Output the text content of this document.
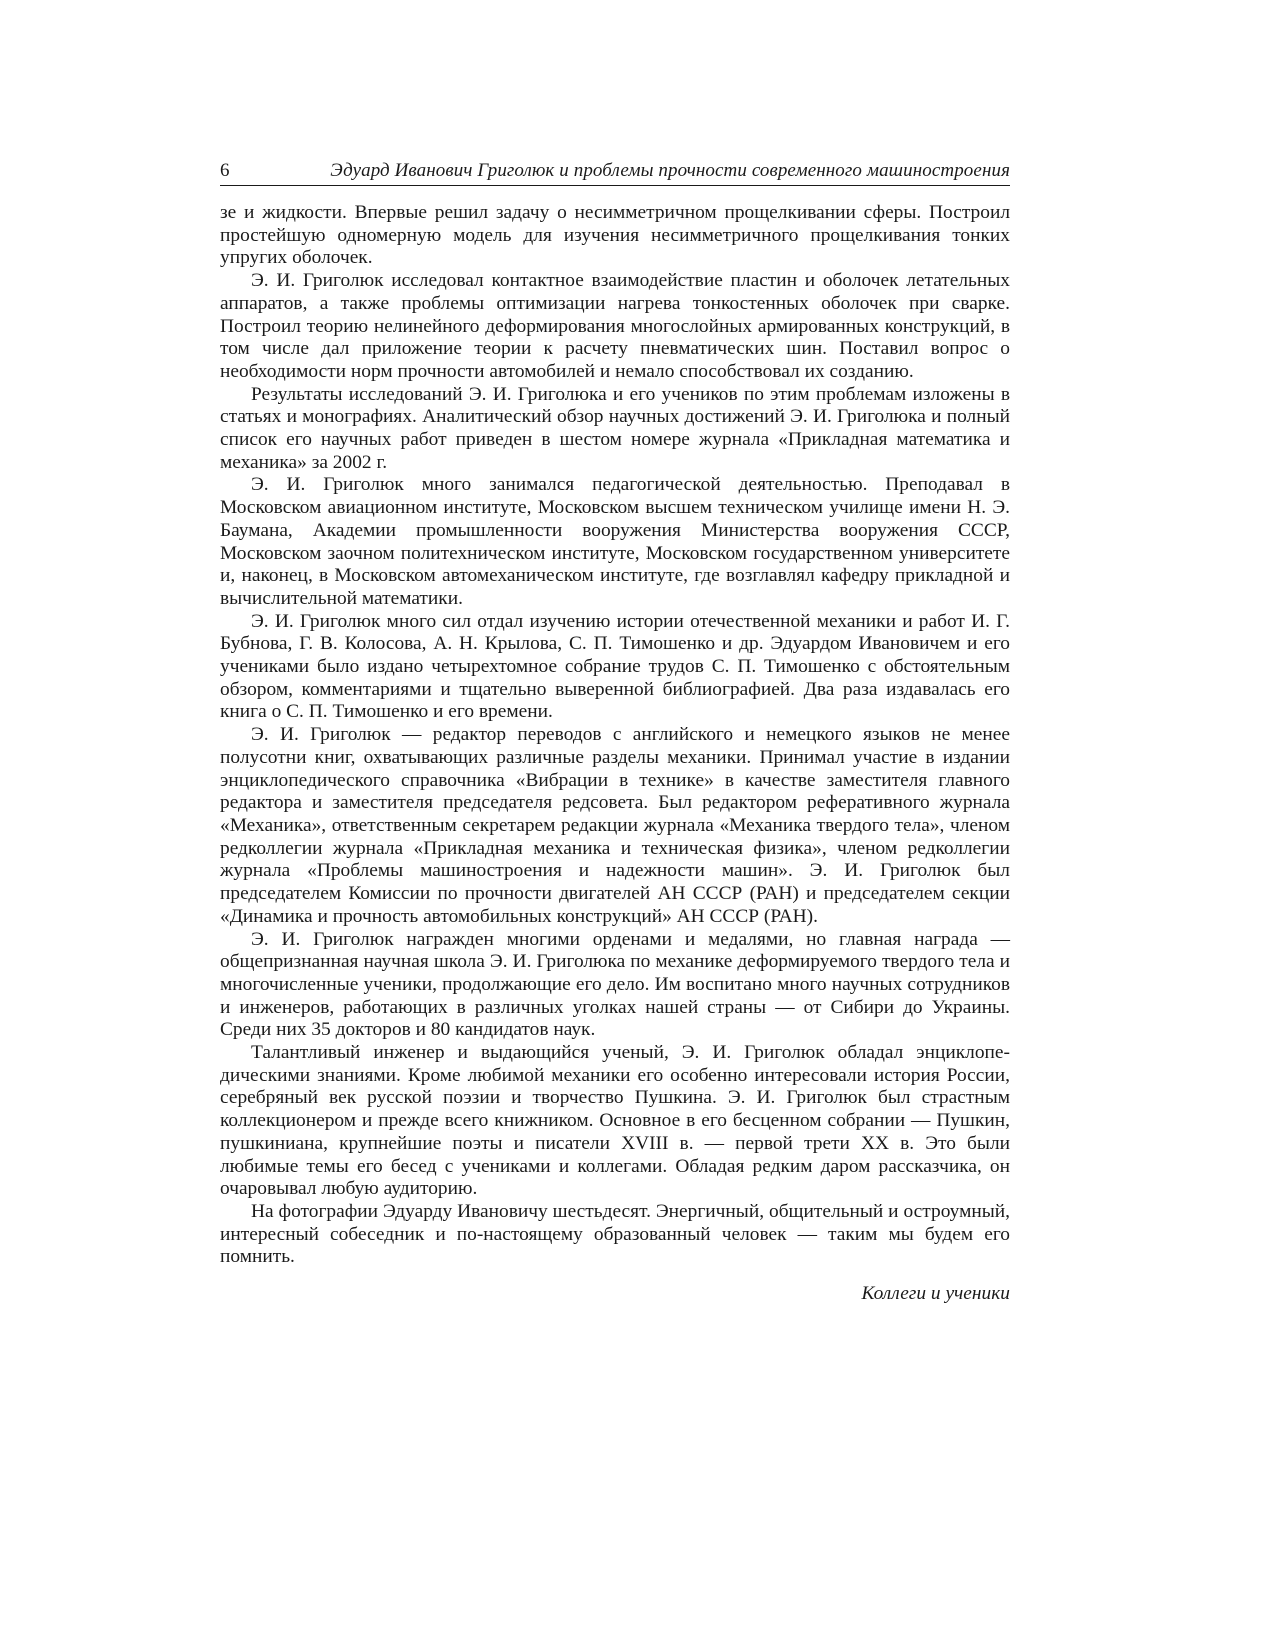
6	Эдуард Иванович Григолюк и проблемы прочности современного машиностроения

зе и жидкости. Впервые решил задачу о несимметричном прощелкивании сферы. Построил простейшую одномерную модель для изучения несимметричного прощелкивания тонких упругих оболочек.

Э. И. Григолюк исследовал контактное взаимодействие пластин и оболочек летательных аппаратов, а также проблемы оптимизации нагрева тонкостенных оболочек при сварке. Построил теорию нелинейного деформирования многослойных армированных конструкций, в том числе дал приложение теории к расчету пневматических шин. Поставил вопрос о необходимости норм прочности автомобилей и немало способствовал их созданию.

Результаты исследований Э. И. Григолюка и его учеников по этим проблемам изложены в статьях и монографиях. Аналитический обзор научных достижений Э. И. Григолюка и полный список его научных работ приведен в шестом номере журнала «Прикладная математика и механика» за 2002 г.

Э. И. Григолюк много занимался педагогической деятельностью. Преподавал в Московском авиационном институте, Московском высшем техническом училище имени Н. Э. Баумана, Академии промышленности вооружения Министерства вооружения СССР, Московском заочном политехническом институте, Московском государственном университете и, наконец, в Московском автомеханическом институте, где возглавлял кафедру прикладной и вычислительной математики.

Э. И. Григолюк много сил отдал изучению истории отечественной механики и работ И. Г. Бубнова, Г. В. Колосова, А. Н. Крылова, С. П. Тимошенко и др. Эдуардом Ивановичем и его учениками было издано четырехтомное собрание трудов С. П. Тимошенко с обстоятельным обзором, комментариями и тщательно выверенной библиографией. Два раза издавалась его книга о С. П. Тимошенко и его времени.

Э. И. Григолюк — редактор переводов с английского и немецкого языков не менее полусотни книг, охватывающих различные разделы механики. Принимал участие в издании энциклопедического справочника «Вибрации в технике» в качестве заместителя главного редактора и заместителя председателя редсовета. Был редактором реферативного журнала «Механика», ответственным секретарем редакции журнала «Механика твердого тела», членом редколлегии журнала «Прикладная механика и техническая физика», членом редколлегии журнала «Проблемы машиностроения и надежности машин». Э. И. Григолюк был председателем Комиссии по прочности двигателей АН СССР (РАН) и председателем секции «Динамика и прочность автомобильных конструкций» АН СССР (РАН).

Э. И. Григолюк награжден многими орденами и медалями, но главная награда — общепризнанная научная школа Э. И. Григолюка по механике деформируемого твердого тела и многочисленные ученики, продолжающие его дело. Им воспитано много научных сотрудников и инженеров, работающих в различных уголках нашей страны — от Сибири до Украины. Среди них 35 докторов и 80 кандидатов наук.

Талантливый инженер и выдающийся ученый, Э. И. Григолюк обладал энциклопедическими знаниями. Кроме любимой механики его особенно интересовали история России, серебряный век русской поэзии и творчество Пушкина. Э. И. Григолюк был страстным коллекционером и прежде всего книжником. Основное в его бесценном собрании — Пушкин, пушкиниана, крупнейшие поэты и писатели XVIII в. — первой трети XX в. Это были любимые темы его бесед с учениками и коллегами. Обладая редким даром рассказчика, он очаровывал любую аудиторию.

На фотографии Эдуарду Ивановичу шестьдесят. Энергичный, общительный и остроумный, интересный собеседник и по-настоящему образованный человек — таким мы будем его помнить.

Коллеги и ученики
